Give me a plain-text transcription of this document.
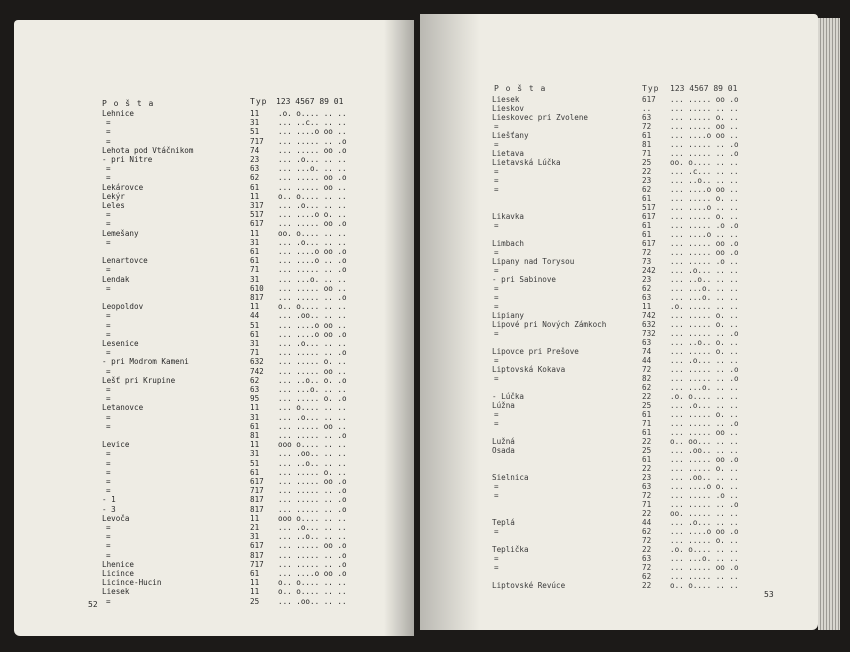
P o š t a	Typ 123 4567 89 01
Lehnice
=
=
=
Lehota pod Vtáčnikom
- pri Nitre
=
=
Lekárovce
Lekýr
Leles
=
=
Lemešany
=
Lenartovce
=
Lendak
=
Leopoldov
=
=
=
Lesenice
=
- pri Modrom Kameni
=
Lešť pri Krupine
=
=
Letanovce
=
=
Levice
=
=
=
=
=
- 1
- 3
Levoča
=
=
=
=
Lhenice
Licince
Licince-Hucin
Liesek
=
11 .o. o.... .. ..
31 ... ..c.. .. ..
51 ... ....o oo ..
717 ... ..... .. .o
74 ... ..... oo .o
23 ... .o... .. ..
63 ... ...o. .. ..
62 ... ..... oo .o
61 ... ..... oo ..
11 o.. o.... .. ..
317 ... .o... .. ..
517 ... ....o o. ..
617 ... ..... oo .o
11 oo. o.... .. ..
31 ... .o... .. ..
61 ... ....o oo .o
61 ... ....o .. .o
71 ... ..... .. .o
31 ... ...o. .. ..
610 ... ..... oo ..
817 ... ..... .. .o
11 o.. o.... .. ..
44 ... .oo.. .. ..
51 ... ....o oo ..
61 ... ....o oo .o
31 ... .o... .. ..
71 ... ..... .. .o
632 ... ..... o. ..
742 ... ..... oo ..
62 ... ..o.. o. .o
63 ... ...o. .. ..
95 ... ..... o. .o
11 ... o.... .. ..
31 ... .o... .. ..
61 ... ..... oo ..
81 ... ..... .. .o
11 ooo o.... .. ..
31 ... .oo.. .. ..
51 ... ..o.. .. ..
61 ... ..... o. ..
617 ... ..... oo .o
717 ... ..... .. .o
817 ... ..... .. .o
817 ... ..... .. .o
11 ooo o.... .. ..
21 ... .o... .. ..
31 ... ..o.. .. ..
617 ... ..... oo .o
817 ... ..... .. .o
717 ... ..... .. .o
61 ... ....o oo .o
11 o.. o.... .. ..
11 o.. o.... .. ..
25 ... .oo.. .. ..
52
P o š t a	Typ 123 4567 89 01
Liesek
Lieskov
Lieskovec pri Zvolene
=
Liešťany
=
Lietava
Lietavská Lúčka
=
=
=
Likavka
=
Limbach
=
Lipany nad Torysou
=
- pri Sabinove
=
=
=
Lipiany
Lipové pri Nových Zámkoch
=
Lipovce pri Prešove
=
Liptovská Kokava
=
- Lúčka
Lúžna
=
=
Lužná
Osada
Sielnica
=
=
Teplá
=
Teplička
=
=
Liptovské Revúce
617 ... ..... oo .o
.. ... ..... .. ..
63 ... ..... o. ..
72 ... ..... oo ..
61 ... ....o oo ..
81 ... ..... .. .o
71 ... ..... .. .o
25 oo. o.... .. ..
22 ... .c... .. ..
23 ... ..o.. .. ..
62 ... ....o oo ..
61 ... ..... o. ..
517 ... ....o .. ..
617 ... ..... o. ..
61 ... ..... .o .o
61 ... ....o .. ..
617 ... ..... oo .o
72 ... ..... oo .o
73 ... ..... .o ..
242 ... .o... .. ..
23 ... ..o.. .. ..
62 ... ...o. .. ..
63 ... ...o. .. ..
11 .o. ..... .. ..
742 ... ..... o. ..
632 ... ..... o. ..
732 ... ..... .. .o
63 ... ..o.. o. ..
74 ... ..... o. ..
44 ... .o... .. ..
72 ... ..... .. .o
82 ... ..... .. .o
62 ... ...o. .. ..
22 .o. o.... .. ..
25 ... .o... .. ..
61 ... ..... o. ..
71 ... ..... .. .o
61 ... ..... oo ..
22 o.. oo... .. ..
25 ... .oo.. .. ..
61 ... ..... oo .o
22 ... ..... o. ..
23 ... .oo.. .. ..
63 ... ....o o. ..
72 ... ..... .o ..
71 ... ..... .. .o
22 oo. ..... .. ..
44 ... .o... .. ..
62 ... ....o oo .o
72 ... ..... o. ..
22 .o. o.... .. ..
63 ... ...o. .. ..
72 ... ..... oo .o
62 ... ..... .. ..
22 o.. o.... .. ..
53
